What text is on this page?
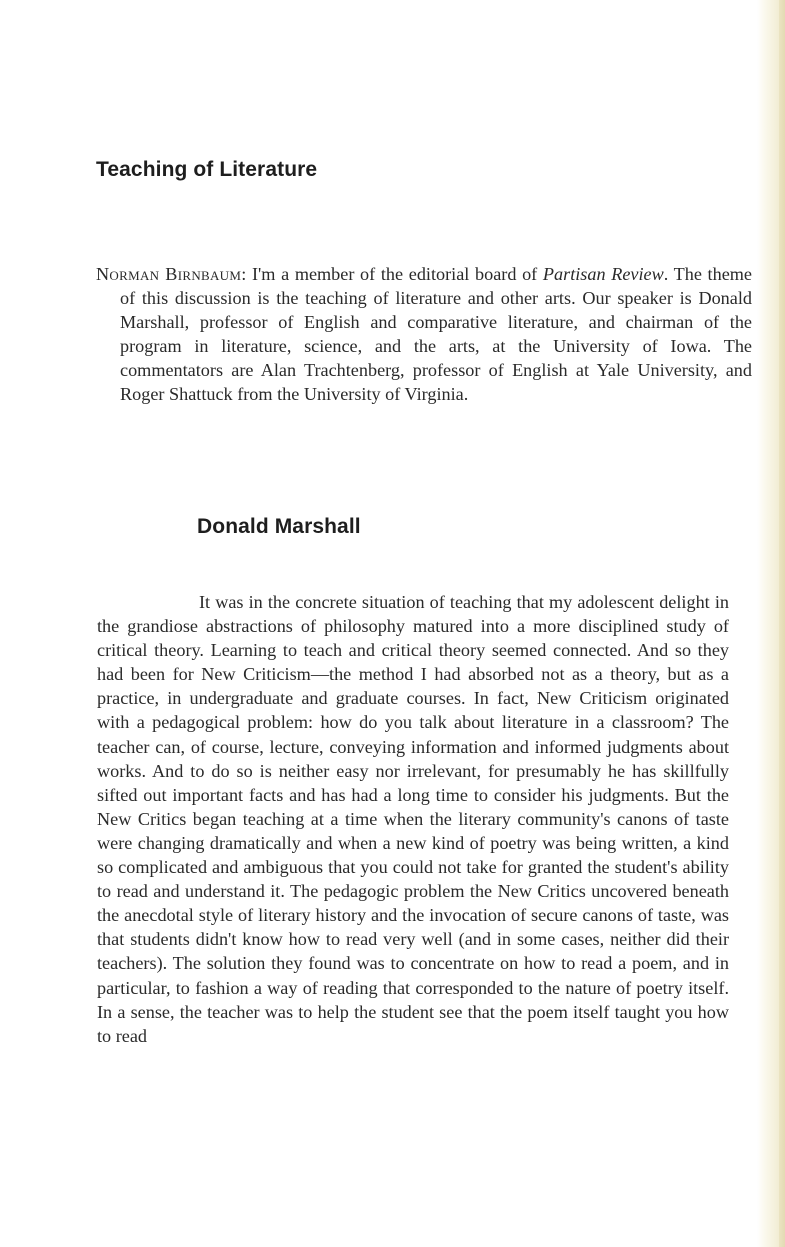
Teaching of Literature

Norman Birnbaum: I'm a member of the editorial board of Partisan Review. The theme of this discussion is the teaching of literature and other arts. Our speaker is Donald Marshall, professor of English and comparative literature, and chairman of the program in literature, science, and the arts, at the University of Iowa. The commentators are Alan Trachtenberg, professor of English at Yale University, and Roger Shattuck from the University of Virginia.

Donald Marshall

It was in the concrete situation of teaching that my adolescent delight in the grandiose abstractions of philosophy matured into a more disciplined study of critical theory. Learning to teach and critical theory seemed connected. And so they had been for New Criticism—the method I had absorbed not as a theory, but as a practice, in undergraduate and graduate courses. In fact, New Criticism originated with a pedagogical problem: how do you talk about literature in a classroom? The teacher can, of course, lecture, conveying information and informed judgments about works. And to do so is neither easy nor irrelevant, for presumably he has skillfully sifted out important facts and has had a long time to consider his judgments. But the New Critics began teaching at a time when the literary community's canons of taste were changing dramatically and when a new kind of poetry was being written, a kind so complicated and ambiguous that you could not take for granted the student's ability to read and understand it. The pedagogic problem the New Critics uncovered beneath the anecdotal style of literary history and the invocation of secure canons of taste, was that students didn't know how to read very well (and in some cases, neither did their teachers). The solution they found was to concentrate on how to read a poem, and in particular, to fashion a way of reading that corresponded to the nature of poetry itself. In a sense, the teacher was to help the student see that the poem itself taught you how to read
